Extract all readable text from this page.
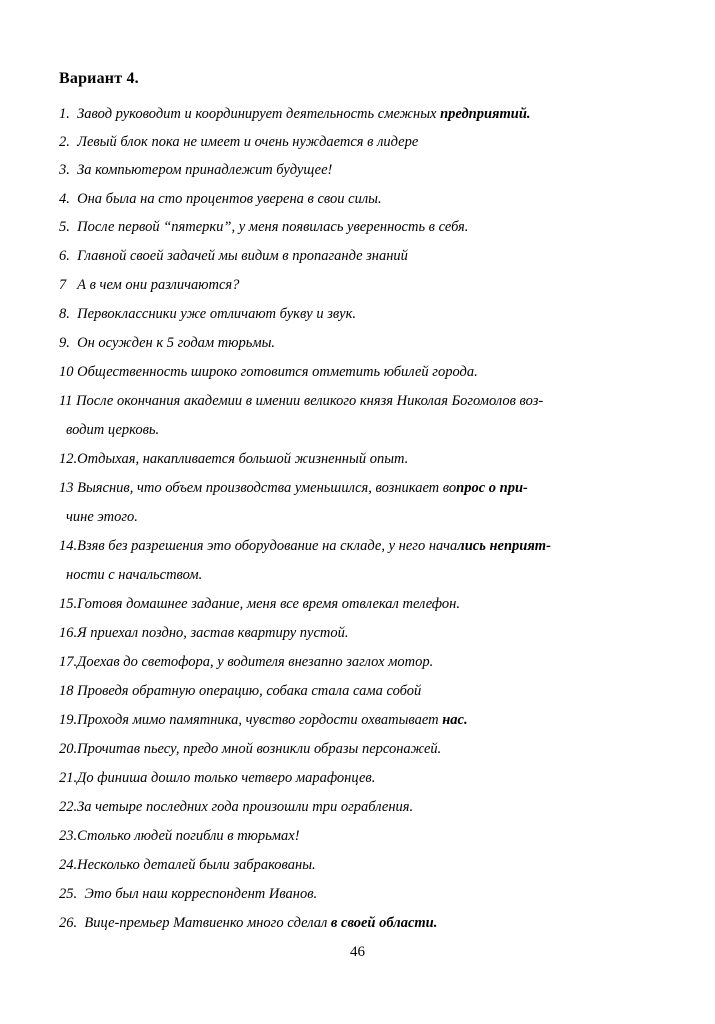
Вариант 4.
1. Завод руководит и координирует деятельность смежных предприятий.
2. Левый блок пока не имеет и очень нуждается в лидере
3. За компьютером принадлежит будущее!
4. Она была на сто процентов уверена в свои силы.
5. После первой “пятерки”, у меня появилась уверенность в себя.
6. Главной своей задачей мы видим в пропаганде знаний
7 А в чем они различаются?
8. Первоклассники уже отличают букву и звук.
9. Он осужден к 5 годам тюрьмы.
10 Общественность широко готовится отметить юбилей города.
11 После окончания академии в имении великого князя Николая Богомолов воз-
водит церковь.
12.Отдыхая, накапливается большой жизненный опыт.
13 Выяснив, что объем производства уменьшился, возникает вопрос о при-
чине этого.
14.Взяв без разрешения это оборудование на складе, у него начались неприят-
ности с начальством.
15.Готовя домашнее задание, меня все время отвлекал телефон.
16.Я приехал поздно, застав квартиру пустой.
17.Доехав до светофора, у водителя внезапно заглох мотор.
18 Проведя обратную операцию, собака стала сама собой
19.Проходя мимо памятника, чувство гордости охватывает нас.
20.Прочитав пьесу, предо мной возникли образы персонажей.
21.До финиша дошло только четверо марафонцев.
22.За четыре последних года произошли три ограбления.
23.Столько людей погибли в тюрьмах!
24.Несколько деталей были забракованы.
25. Это был наш корреспондент Иванов.
26. Вице-премьер Матвиенко много сделал в своей области.
46
